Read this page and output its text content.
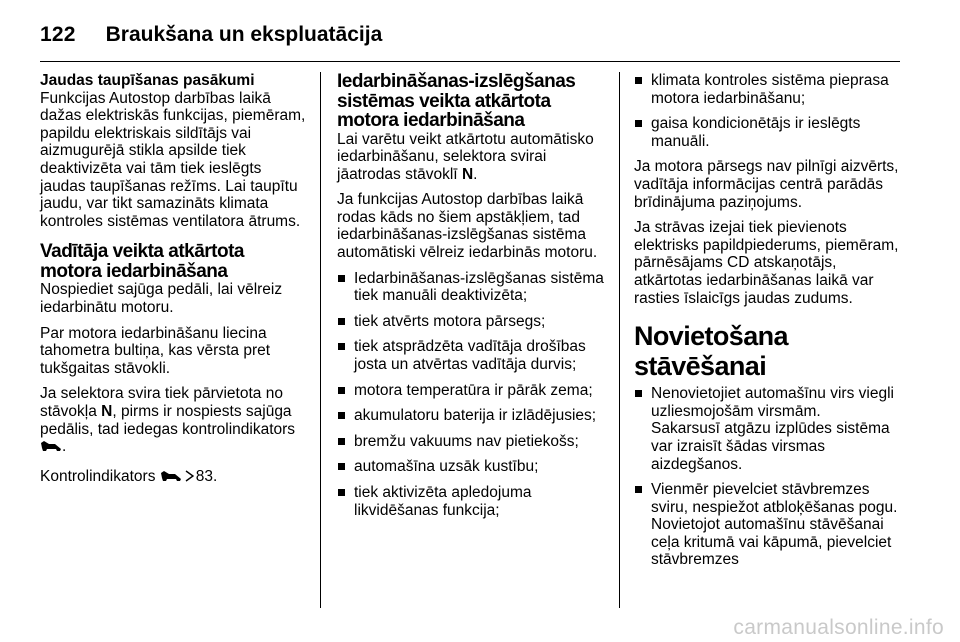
122 Braukšana un ekspluatācija
Jaudas taupīšanas pasākumi

Funkcijas Autostop darbības laikā dažas elektriskās funkcijas, piemēram, papildu elektriskais sildītājs vai aizmugurējā stikla apsilde tiek deaktivizēta vai tām tiek ieslēgts jaudas taupīšanas režīms. Lai taupītu jaudu, var tikt samazināts klimata kontroles sistēmas ventilatora ātrums.

Vadītāja veikta atkārtota motora iedarbināšana

Nospiediet sajūga pedāli, lai vēlreiz iedarbinātu motoru.

Par motora iedarbināšanu liecina tahometra bultiņa, kas vērsta pret tukšgaitas stāvokli.

Ja selektora svira tiek pārvietota no stāvokļa N, pirms ir nospiests sajūga pedālis, tad iedegas kontrolindikators
.

Kontrolindikators	83.

Iedarbināšanas-izslēgšanas sistēmas veikta atkārtota motora iedarbināšana

Lai varētu veikt atkārtotu automātisko iedarbināšanu, selektora svirai jāatrodas stāvoklī N.

Ja funkcijas Autostop darbības laikā rodas kāds no šiem apstākļiem, tad iedarbināšanas-izslēgšanas sistēma automātiski vēlreiz iedarbinās motoru.

Iedarbināšanas-izslēgšanas sistēma tiek manuāli deaktivizēta;
tiek atvērts motora pārsegs;
tiek atsprādzēta vadītāja drošības josta un atvērtas vadītāja durvis;
motora temperatūra ir pārāk zema;
akumulatoru baterija ir izlādējusies;
bremžu vakuums nav pietiekošs;
automašīna uzsāk kustību;
tiek aktivizēta apledojuma likvidēšanas funkcija;
klimata kontroles sistēma pieprasa motora iedarbināšanu;
gaisa kondicionētājs ir ieslēgts manuāli.

Ja motora pārsegs nav pilnīgi aizvērts, vadītāja informācijas centrā parādās brīdinājuma paziņojums.

Ja strāvas izejai tiek pievienots elektrisks papildpiederums, piemēram, pārnēsājams CD atskaņotājs, atkārtotas iedarbināšanas laikā var rasties īslaicīgs jaudas zudums.

Novietošana stāvēšanai
Nenovietojiet automašīnu virs viegli uzliesmojošām virsmām.
Sakarsusī atgāzu izplūdes sistēma var izraisīt šādas virsmas aizdegšanos.
Vienmēr pievelciet stāvbremzes sviru, nespiežot atbloķēšanas pogu. Novietojot automašīnu stāvēšanai ceļa kritumā vai kāpumā, pievelciet stāvbremzes
carmanualsonline.info
